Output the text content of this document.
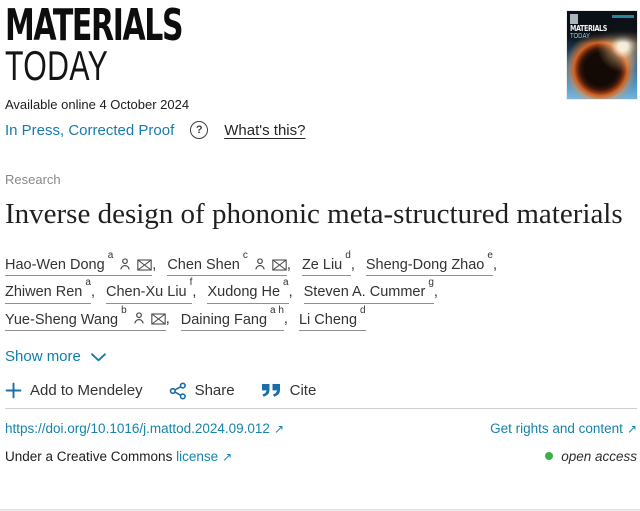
MATERIALS
TODAY
MATERIALS
TODAY
Available online 4 October 2024
In Press, Corrected Proof	?	What's this?
Research
Inverse design of phononic meta-structured materials
Hao-Wen Dong$^a$, Chen Shen$^c$, Ze Liu$^d$, Sheng-Dong Zhao$^e$, Zhiwen Ren$^a$, Chen-Xu Liu$^f$, Xudong He$^a$, Steven A. Cummer$^g$, Yue-Sheng Wang$^b$, Daining Fang$^{a h}$, Li Cheng$^d$
Show more
Add to Mendeley	Share	Cite
https://doi.org/10.1016/j.mattod.2024.09.012 ↗	Get rights and content ↗
Under a Creative Commons license ↗	open access
